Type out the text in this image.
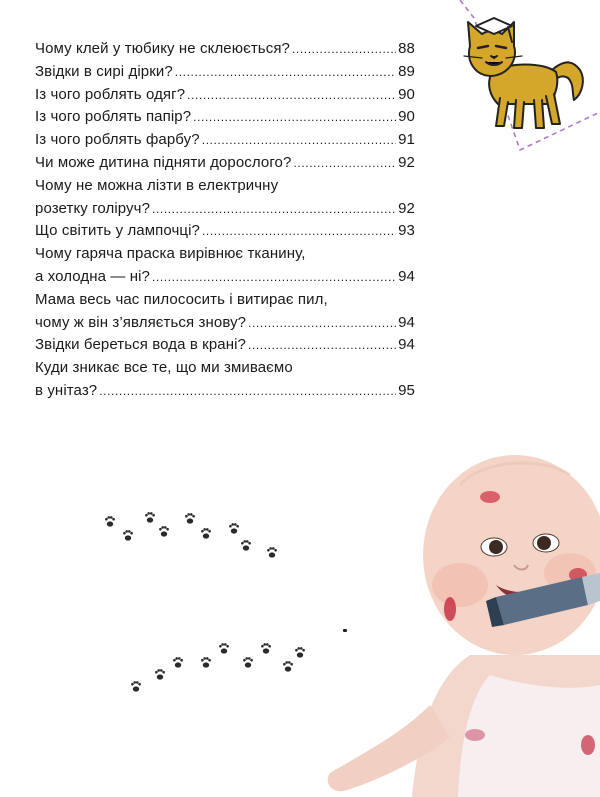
Чому клей у тюбику не склеюється? .....	88
Звідки в сирі дірки? .....	89
Із чого роблять одяг? .....	90
Із чого роблять папір? .....	90
Із чого роблять фарбу? .....	91
Чи може дитина підняти дорослого? .....	92
Чому не можна лізти в електричну
розетку голіруч? .....	92
Що світить у лампочці? .....	93
Чому гаряча праска вирівнює тканину,
а холодна — ні? .....	94
Мама весь час пилососить і витирає пил,
чому ж він з’являється знову? .....	94
Звідки береться вода в крані? .....	94
Куди зникає все те, що ми змиваємо
в унітаз? .....	95
